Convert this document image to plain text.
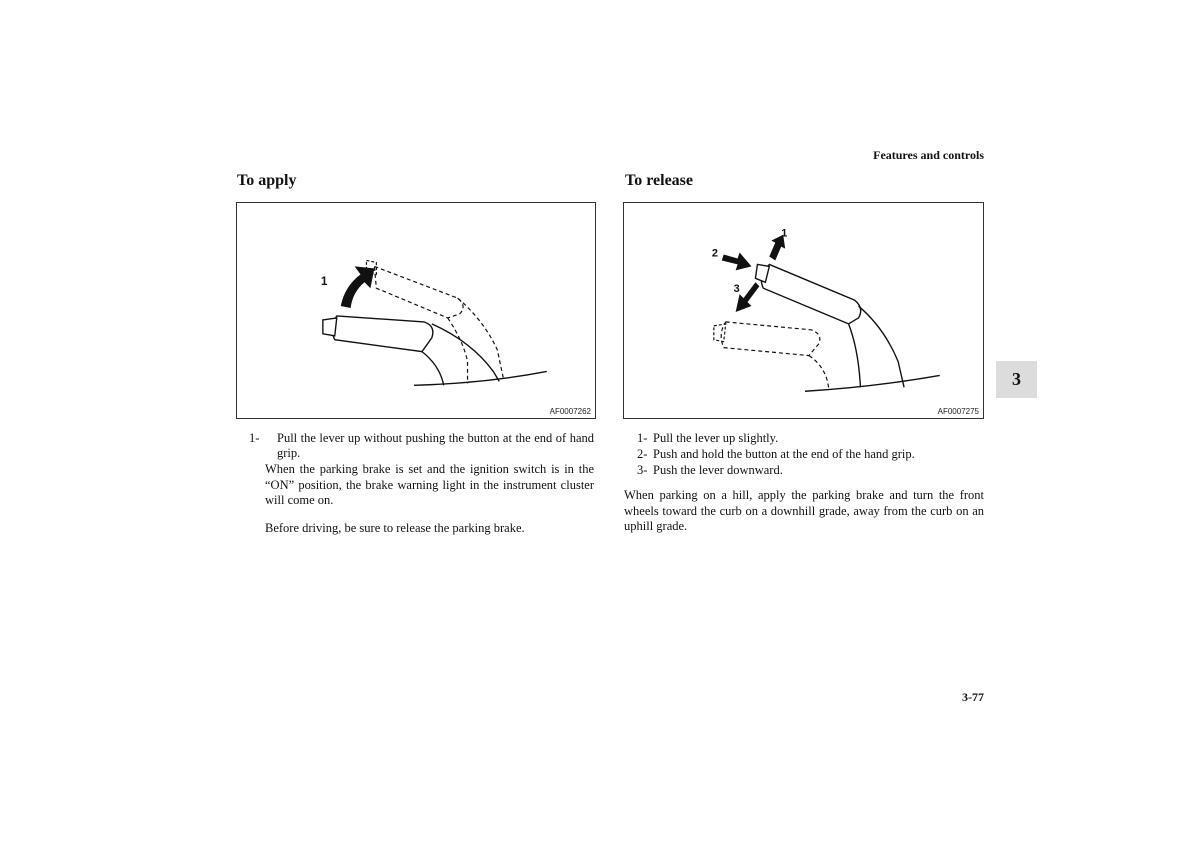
Features and controls
To apply
1
AF0007262
1-	Pull the lever up without pushing the button at the end of hand grip.

When the parking brake is set and the ignition switch is in the “ON” position, the brake warning light in the instrument cluster will come on.

Before driving, be sure to release the parking brake.

To release
1
2
3
AF0007275
1- Pull the lever up slightly.
2- Push and hold the button at the end of the hand grip.
3- Push the lever downward.

When parking on a hill, apply the parking brake and turn the front wheels toward the curb on a downhill grade, away from the curb on an uphill grade.

3
3-77
